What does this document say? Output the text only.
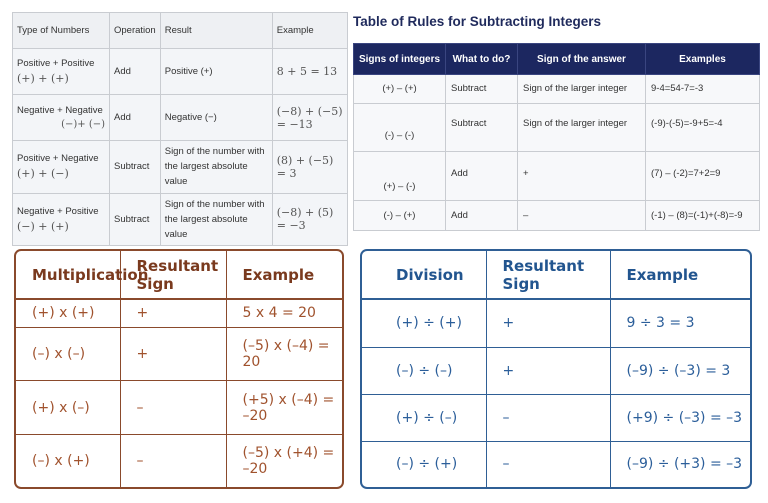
Type of Numbers	Operation	Result	Example
Positive + Positive
(+) + (+)	Add	Positive (+)	8 + 5 = 13
Negative + Negative
(−)+ (−)	Add	Negative (−)	(−8) + (−5) = −13
Positive + Negative
(+) + (−)	Subtract	Sign of the number with the largest absolute value	(8) + (−5) = 3
Negative + Positive
(−) + (+)	Subtract	Sign of the number with the largest absolute value	(−8) + (5) = −3
Table of Rules for Subtracting Integers
Signs of integers	What to do?	Sign of the answer	Examples
(+) – (+)	Subtract	Sign of the larger integer	9-4=54-7=-3
(-) – (-)	Subtract	Sign of the larger integer	(-9)-(-5)=-9+5=-4
(+) – (-)	Add	+	(7) – (-2)=7+2=9
(-) – (+)	Add	–	(-1) – (8)=(-1)+(-8)=-9
Multiplication	Resultant Sign	Example
(+) x (+)	+	5 x 4 = 20
(–) x (–)	+	(–5) x (–4) = 20
(+) x (–)	–	(+5) x (–4) = –20
(–) x (+)	–	(–5) x (+4) = –20
Division	Resultant Sign	Example
(+) ÷ (+)	+	9 ÷ 3 = 3
(–) ÷ (–)	+	(–9) ÷ (–3) = 3
(+) ÷ (–)	–	(+9) ÷ (–3) = –3
(–) ÷ (+)	–	(–9) ÷ (+3) = –3
